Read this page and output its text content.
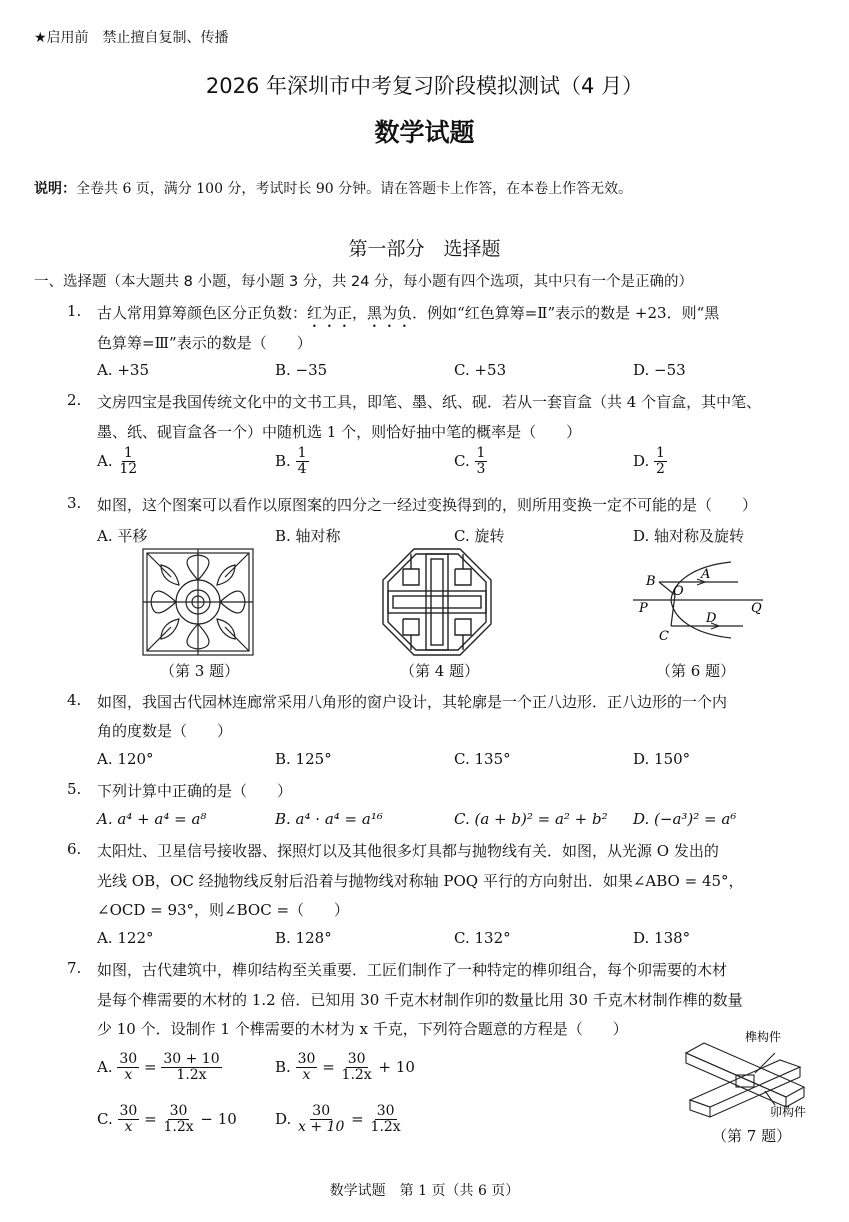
★启用前　禁止擅自复制、传播
2026 年深圳市中考复习阶段模拟测试（4 月）
数学试题
说明：全卷共 6 页，满分 100 分，考试时长 90 分钟。请在答题卡上作答，在本卷上作答无效。
第一部分　选择题
一、选择题（本大题共 8 小题，每小题 3 分，共 24 分，每小题有四个选项，其中只有一个是正确的）
1. 古人常用算筹颜色区分正负数：红为正，黑为负．例如“红色算筹=Ⅱ”表示的数是 +23．则“黑
色算筹=Ⅲ”表示的数是（　　）
A. +35	B. −35	C. +53	D. −53
2. 文房四宝是我国传统文化中的文书工具，即笔、墨、纸、砚．若从一套盲盒（共 4 个盲盒，其中笔、
墨、纸、砚盲盒各一个）中随机选 1 个，则恰好抽中笔的概率是（　　）
A. $\frac{1}{12}$	B. $\frac{1}{4}$	C. $\frac{1}{3}$	D. $\frac{1}{2}$
3. 如图，这个图案可以看作以原图案的四分之一经过变换得到的，则所用变换一定不可能的是（　　）
A. 平移	B. 轴对称	C. 旋转	D. 轴对称及旋转
（第 3 题）	（第 4 题）
B	A
O
P	Q
D
C
（第 6 题）
4. 如图，我国古代园林连廊常采用八角形的窗户设计，其轮廓是一个正八边形．正八边形的一个内
角的度数是（　　）
A. 120°	B. 125°	C. 135°	D. 150°
5. 下列计算中正确的是（　　）
A. a⁴ + a⁴ = a⁸	B. a⁴ · a⁴ = a¹⁶	C. (a + b)² = a² + b² D. (−a³)² = a⁶
6. 太阳灶、卫星信号接收器、探照灯以及其他很多灯具都与抛物线有关．如图，从光源 O 发出的
光线 OB，OC 经抛物线反射后沿着与抛物线对称轴 POQ 平行的方向射出．如果∠ABO = 45°，
∠OCD = 93°，则∠BOC =（　　）
A. 122°	B. 128°	C. 132°	D. 138°
7. 如图，古代建筑中，榫卯结构至关重要．工匠们制作了一种特定的榫卯组合，每个卯需要的木材
是每个榫需要的木材的 1.2 倍．已知用 30 千克木材制作卯的数量比用 30 千克木材制作榫的数量
少 10 个．设制作 1 个榫需要的木材为 x 千克，下列符合题意的方程是（　　）
A. $\frac{30}{x} = \frac{30 + 10}{1.2x}$	B. $\frac{30}{x} = \frac{30}{1.2x} + 10$
C. $\frac{30}{x} = \frac{30}{1.2x} - 10$	D. $\frac{30}{x + 10} = \frac{30}{1.2x}$
榫构件
卯构件
（第 7 题）
数学试题　第 1 页（共 6 页）
